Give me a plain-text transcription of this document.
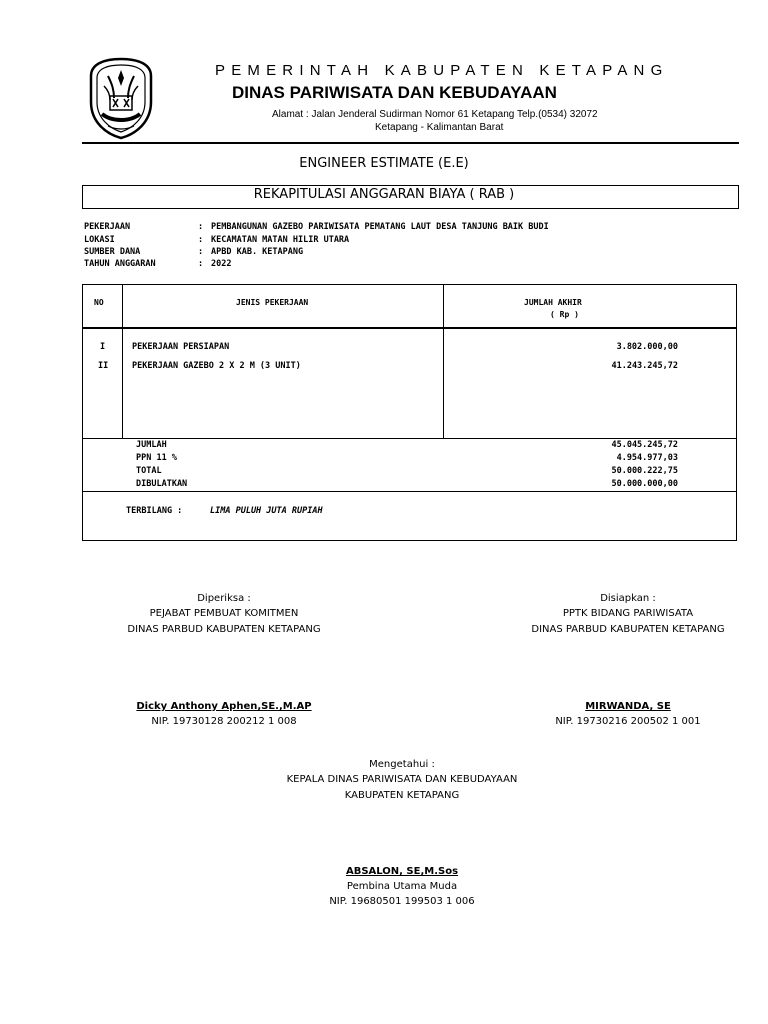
PEMERINTAH KABUPATEN KETAPANG
DINAS PARIWISATA DAN KEBUDAYAAN
Alamat : Jalan Jenderal Sudirman Nomor 61 Ketapang Telp.(0534) 32072
Ketapang - Kalimantan Barat
ENGINEER ESTIMATE (E.E)
REKAPITULASI ANGGARAN BIAYA ( RAB )
PEKERJAAN	: PEMBANGUNAN GAZEBO PARIWISATA PEMATANG LAUT DESA TANJUNG BAIK BUDI
LOKASI	: KECAMATAN MATAN HILIR UTARA
SUMBER DANA	: APBD KAB. KETAPANG
TAHUN ANGGARAN	: 2022
NO	JENIS PEKERJAAN	JUMLAH AKHIR
( Rp )
I	PEKERJAAN PERSIAPAN	3.802.000,00
II	PEKERJAAN GAZEBO 2 X 2 M (3 UNIT)	41.243.245,72
JUMLAH	45.045.245,72
PPN 11 %	4.954.977,03
TOTAL	50.000.222,75
DIBULATKAN	50.000.000,00
TERBILANG :	LIMA PULUH JUTA RUPIAH
Diperiksa :
PEJABAT PEMBUAT KOMITMEN
DINAS PARBUD KABUPATEN KETAPANG
Dicky Anthony Aphen,SE.,M.AP
NIP. 19730128 200212 1 008
Disiapkan :
PPTK BIDANG PARIWISATA
DINAS PARBUD KABUPATEN KETAPANG
MIRWANDA, SE
NIP. 19730216 200502 1 001
Mengetahui :
KEPALA DINAS PARIWISATA DAN KEBUDAYAAN
KABUPATEN KETAPANG
ABSALON, SE,M.Sos
Pembina Utama Muda
NIP. 19680501 199503 1 006
